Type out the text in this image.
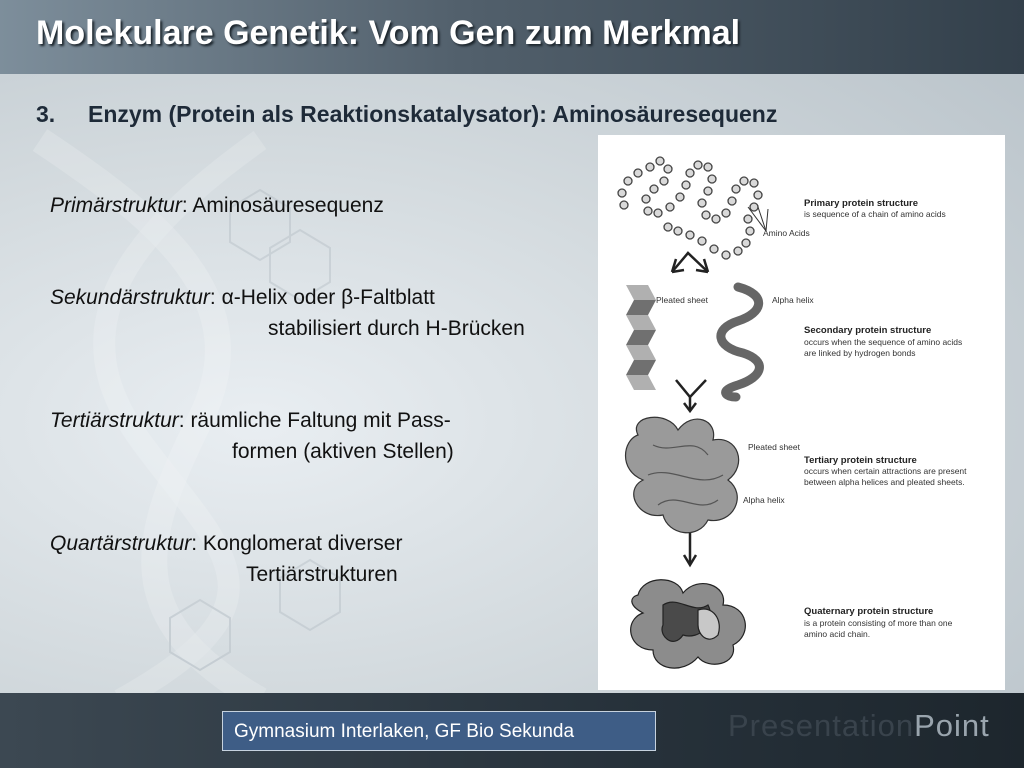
Molekulare Genetik: Vom Gen zum Merkmal
3. Enzym (Protein als Reaktionskatalysator): Aminosäuresequenz
Primärstruktur: Aminosäuresequenz
Sekundärstruktur: α-Helix oder β-Faltblatt
stabilisiert durch H-Brücken
Tertiärstruktur: räumliche Faltung mit Pass-
formen (aktiven Stellen)
Quartärstruktur: Konglomerat diverser
Tertiärstrukturen
Amino Acids
Primary protein structure
is sequence of a chain of amino acids
Pleated sheet	Alpha helix
Secondary protein structure
occurs when the sequence of amino acids
are linked by hydrogen bonds
Pleated sheet
Tertiary protein structure
occurs when certain attractions are present
between alpha helices and pleated sheets.
Alpha helix
Quaternary protein structure
is a protein consisting of more than one
amino acid chain.
Gymnasium Interlaken, GF Bio Sekunda	PresentationPoint
